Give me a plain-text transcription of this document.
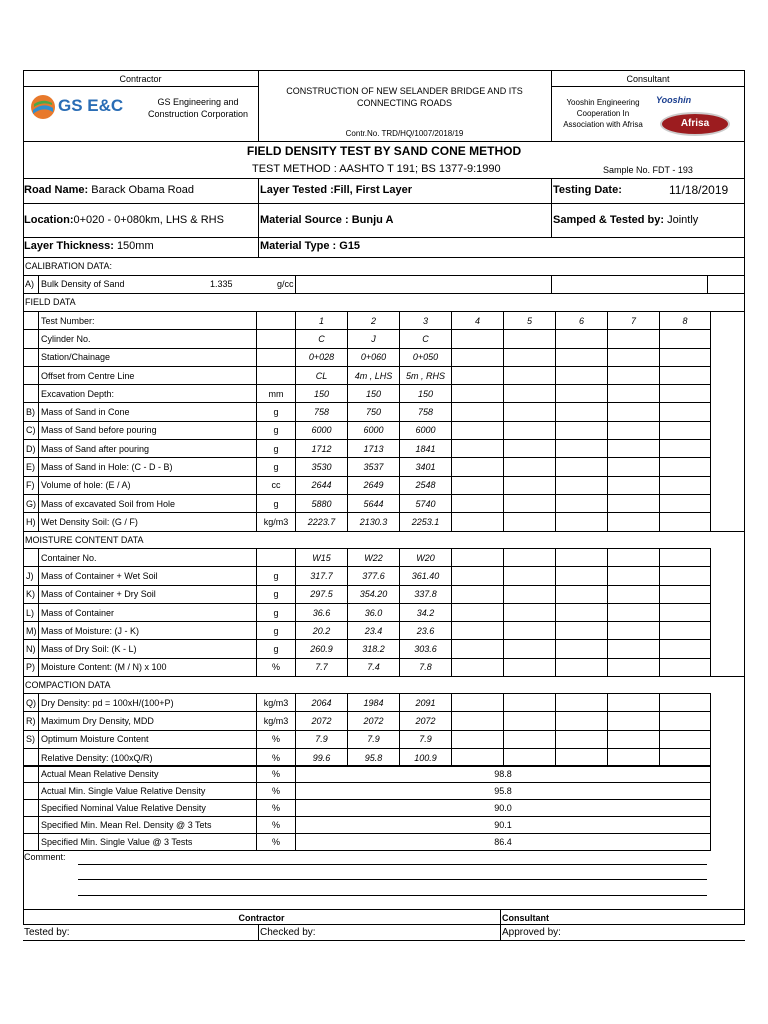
Contractor
GS E&C	GS Engineering and
Construction Corporation
CONSTRUCTION OF NEW SELANDER BRIDGE AND ITS
CONNECTING ROADS
Contr.No. TRD/HQ/1007/2018/19
Consultant
Yooshin Engineering
Cooperation In
Association with Afrisa
Yooshin
Afrisa
FIELD DENSITY TEST BY SAND CONE METHOD
TEST METHOD : AASHTO T 191; BS 1377-9:1990	Sample No. FDT - 193
Road Name: Barack Obama Road	Layer Tested :Fill, First Layer	Testing Date:	11/18/2019
Location:0+020 - 0+080km, LHS & RHS	Material Source : Bunju A	Samped & Tested by: Jointly
Layer Thickness: 150mm	Material Type : G15
CALIBRATION DATA:
A) Bulk Density of Sand	1.335	g/cc
FIELD DATA
	Test Number:		1	2	3	4	5	6	7	8
	Cylinder No.		C	J	C					
	Station/Chainage		0+028	0+060	0+050					
	Offset from Centre Line		CL	4m , LHS	5m , RHS					
	Excavation Depth:	mm	150	150	150					
B)	Mass of Sand in Cone	g	758	750	758					
C)	Mass of Sand before pouring	g	6000	6000	6000					
D)	Mass of Sand after pouring	g	1712	1713	1841					
E)	Mass of Sand in Hole: (C - D - B)	g	3530	3537	3401					
F)	Volume of hole: (E / A)	cc	2644	2649	2548					
G)	Mass of excavated Soil from Hole	g	5880	5644	5740					
H)	Wet Density Soil: (G / F)	kg/m3	2223.7	2130.3	2253.1					
MOISTURE CONTENT DATA
	Container No.		W15	W22	W20					
J)	Mass of Container + Wet Soil	g	317.7	377.6	361.40					
K)	Mass of Container + Dry Soil	g	297.5	354.20	337.8					
L)	Mass of Container	g	36.6	36.0	34.2					
M)	Mass of Moisture: (J - K)	g	20.2	23.4	23.6					
N)	Mass of Dry Soil: (K - L)	g	260.9	318.2	303.6					
P)	Moisture Content: (M / N) x 100	%	7.7	7.4	7.8					
COMPACTION DATA
Q)	Dry Density: pd = 100xH/(100+P)	kg/m3	2064	1984	2091					
R)	Maximum Dry Density, MDD	kg/m3	2072	2072	2072					
S)	Optimum Moisture Content	%	7.9	7.9	7.9					
	Relative Density: (100xQ/R)	%	99.6	95.8	100.9					
	Actual Mean Relative Density	%	98.8
	Actual Min. Single Value Relative Density	%	95.8
	Specified Nominal Value Relative Density	%	90.0
	Specified Min. Mean Rel. Density @ 3 Tets	%	90.1
	Specified Min. Single Value @ 3 Tests	%	86.4
Comment:
Contractor	Consultant
Tested by:	Checked by:	Approved by:
